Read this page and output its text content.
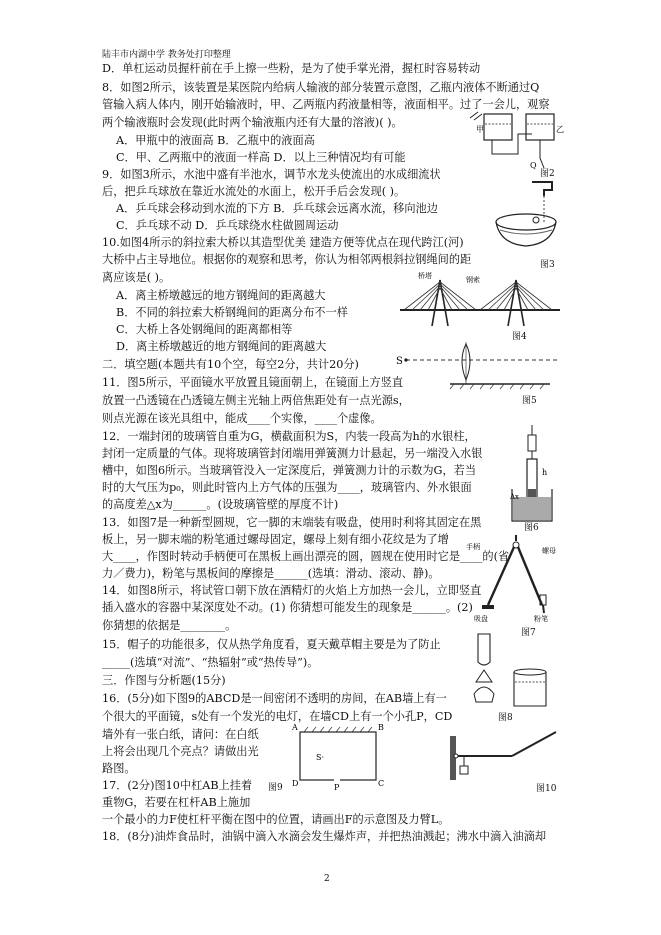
陆丰市内湖中学 教务处打印整理
D．单杠运动员握杆前在手上擦一些粉，是为了使手掌光滑，握杠时容易转动
8．如图2所示，该装置是某医院内给病人输液的部分装置示意图，乙瓶内液体不断通过Q
管输入病人体内，刚开始输液时，甲、乙两瓶内药液量相等，液面相平。过了一会儿，观察
两个输液瓶时会发现(此时两个输液瓶内还有大量的溶液)( )。
A．甲瓶中的液面高 B．乙瓶中的液面高
C．甲、乙两瓶中的液面一样高 D．以上三种情况均有可能
9．如图3所示，水池中盛有半池水，调节水龙头使流出的水成细流状
后，把乒乓球放在靠近水流处的水面上，松开手后会发现( )。
A．乒乓球会移动到水流的下方 B．乒乓球会远离水流，移向池边
C．乒乓球不动 D．乒乓球绕水柱做圆周运动
10.如图4所示的斜拉索大桥以其造型优美 建造方便等优点在现代跨江(河)
大桥中占主导地位。根据你的观察和思考，你认为相邻两根斜拉钢绳间的距
离应该是( )。
A．离主桥墩越远的地方钢绳间的距离越大
B．不同的斜拉索大桥钢绳间的距离分布不一样
C．大桥上各处钢绳间的距离都相等
D．离主桥墩越近的地方钢绳间的距离越大
二．填空题(本题共有10个空，每空2分，共计20分)
11．图5所示，平面镜水平放置且镜面朝上，在镜面上方竖直
放置一凸透镜在凸透镜左侧主光轴上两倍焦距处有一点光源s，
则点光源在该光具组中，能成____个实像，____个虚像。
12．一端封闭的玻璃管自重为G，横截面积为S，内装一段高为h的水银柱，
封闭一定质量的气体。现将玻璃管封闭端用弹簧测力计悬起，另一端没入水银
槽中，如图6所示。当玻璃管没入一定深度后，弹簧测力计的示数为G，若当
时的大气压为p₀，则此时管内上方气体的压强为____，玻璃管内、外水银面
的高度差△x为______。(设玻璃管壁的厚度不计)
13．如图7是一种新型圆规，它一脚的末端装有吸盘，使用时利将其固定在黑
板上，另一脚末端的粉笔通过螺母固定，螺母上刻有细小花纹是为了增
大____，作图时转动手柄便可在黑板上画出漂亮的圆，圆规在使用时它是____的(省
力／费力)，粉笔与黑板间的摩擦是______(选填：滑动、滚动、静)。
14．如图8所示，将试管口朝下放在酒精灯的火焰上方加热一会儿，立即竖直
插入盛水的容器中某深度处不动。(1) 你猜想可能发生的现象是______。(2)
你猜想的依据是________。
15．帽子的功能很多，仅从热学角度看，夏天戴草帽主要是为了防止
_____(选填“对流”、“热辐射”或“热传导”)。
三．作图与分析题(15分)
16．(5分)如下图9的ABCD是一间密闭不透明的房间，在AB墙上有一
个很大的平面镜，s处有一个发光的电灯，在墙CD上有一个小孔P，CD
墙外有一张白纸，请问：在白纸
上将会出现几个亮点？请做出光
路图。
17．(2分)图10中杠AB上挂着
重物G，若要在杠杆AB上施加
一个最小的力F使杠杆平衡在图中的位置，请画出F的示意图及力臂L。
18．(8分)油炸食品时，油锅中滴入水滴会发生爆炸声，并把热油溅起；沸水中滴入油滴却
甲	乙
Q
图2
图3
桥塔	钢索
图4
S
图5
h
Δx
图6
手柄	螺母
吸盘	粉笔
图7
图8
A	B
S·
P
D	C
图9	图10
2
